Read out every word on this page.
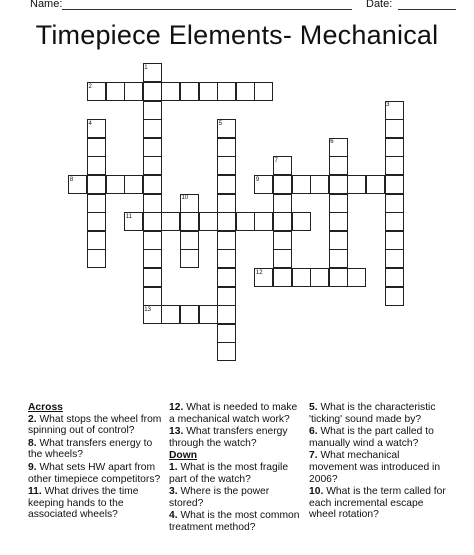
Name:	Date:
Timepiece Elements- Mechanical
1
2
3
4	5
6
7
8	9
10
11
12
13
Across
2. What stops the wheel from spinning out of control?
8. What transfers energy to the wheels?
9. What sets HW apart from other timepiece competitors?
11. What drives the time keeping hands to the associated wheels?
12. What is needed to make a mechanical watch work?
13. What transfers energy through the watch?
Down
1. What is the most fragile part of the watch?
3. Where is the power stored?
4. What is the most common treatment method?
5. What is the characteristic 'ticking' sound made by?
6. What is the part called to manually wind a watch?
7. What mechanical movement was introduced in 2006?
10. What is the term called for each incremental escape wheel rotation?
